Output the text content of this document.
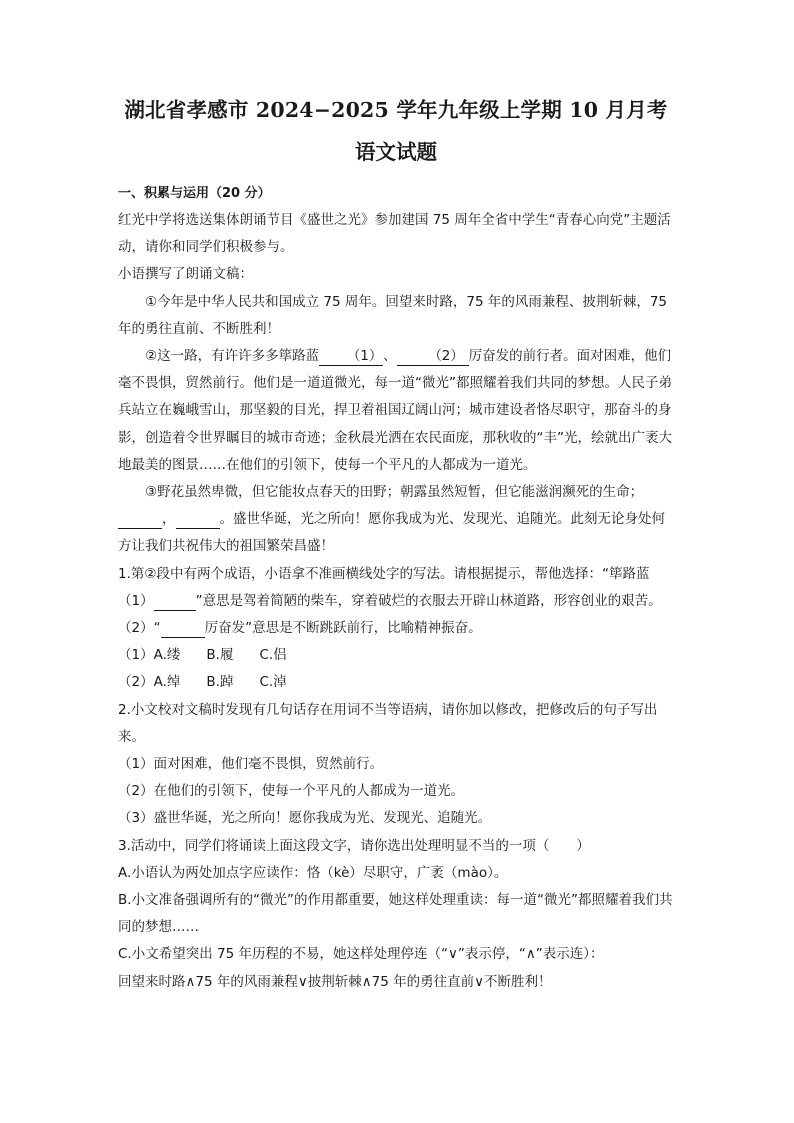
湖北省孝感市 2024−2025 学年九年级上学期 10 月月考
语文试题
一、积累与运用（20 分）

红光中学将选送集体朗诵节目《盛世之光》参加建国 75 周年全省中学生“青春心向党”主题活动，请你和同学们积极参与。

小语撰写了朗诵文稿：

①今年是中华人民共和国成立 75 周年。回望来时路，75 年的风雨兼程、披荆斩棘，75 年的勇往直前、不断胜利！

②这一路，有许许多多筚路蓝 （1）、 （2） 厉奋发的前行者。面对困难，他们毫不畏惧，贸然前行。他们是一道道微光，每一道“微光”都照耀着我们共同的梦想。人民子弟兵站立在巍峨雪山，那坚毅的目光，捍卫着祖国辽阔山河；城市建设者恪尽职守，那奋斗的身影，创造着令世界瞩目的城市奇迹；金秋晨光洒在农民面庞，那秋收的“丰”光，绘就出广袤大地最美的图景……在他们的引领下，使每一个平凡的人都成为一道光。

③野花虽然卑微，但它能妆点春天的田野；朝露虽然短暂，但它能滋润濒死的生命； ，	。盛世华诞，光之所向！愿你我成为光、发现光、追随光。此刻无论身处何方让我们共祝伟大的祖国繁荣昌盛！

1.第②段中有两个成语，小语拿不准画横线处字的写法。请根据提示，帮他选择：“筚路蓝（1）	”意思是驾着简陋的柴车，穿着破烂的衣服去开辟山林道路，形容创业的艰苦。（2）“	厉奋发”意思是不断跳跃前行，比喻精神振奋。

（1）A.缕 B.履 C.侣

（2）A.绰 B.踔 C.淖

2.小文校对文稿时发现有几句话存在用词不当等语病，请你加以修改，把修改后的句子写出来。

（1）面对困难，他们毫不畏惧，贸然前行。

（2）在他们的引领下，使每一个平凡的人都成为一道光。

（3）盛世华诞，光之所向！愿你我成为光、发现光、追随光。

3.活动中，同学们将诵读上面这段文字，请你选出处理明显不当的一项（　　）

A.小语认为两处加点字应读作：恪（kè）尽职守，广袤（mào）。

B.小文准备强调所有的“微光”的作用都重要，她这样处理重读：每一道“微光”都照耀着我们共同的梦想……

C.小文希望突出 75 年历程的不易，她这样处理停连（“∨”表示停，“∧”表示连）：

回望来时路∧75 年的风雨兼程∨披荆斩棘∧75 年的勇往直前∨不断胜利！
